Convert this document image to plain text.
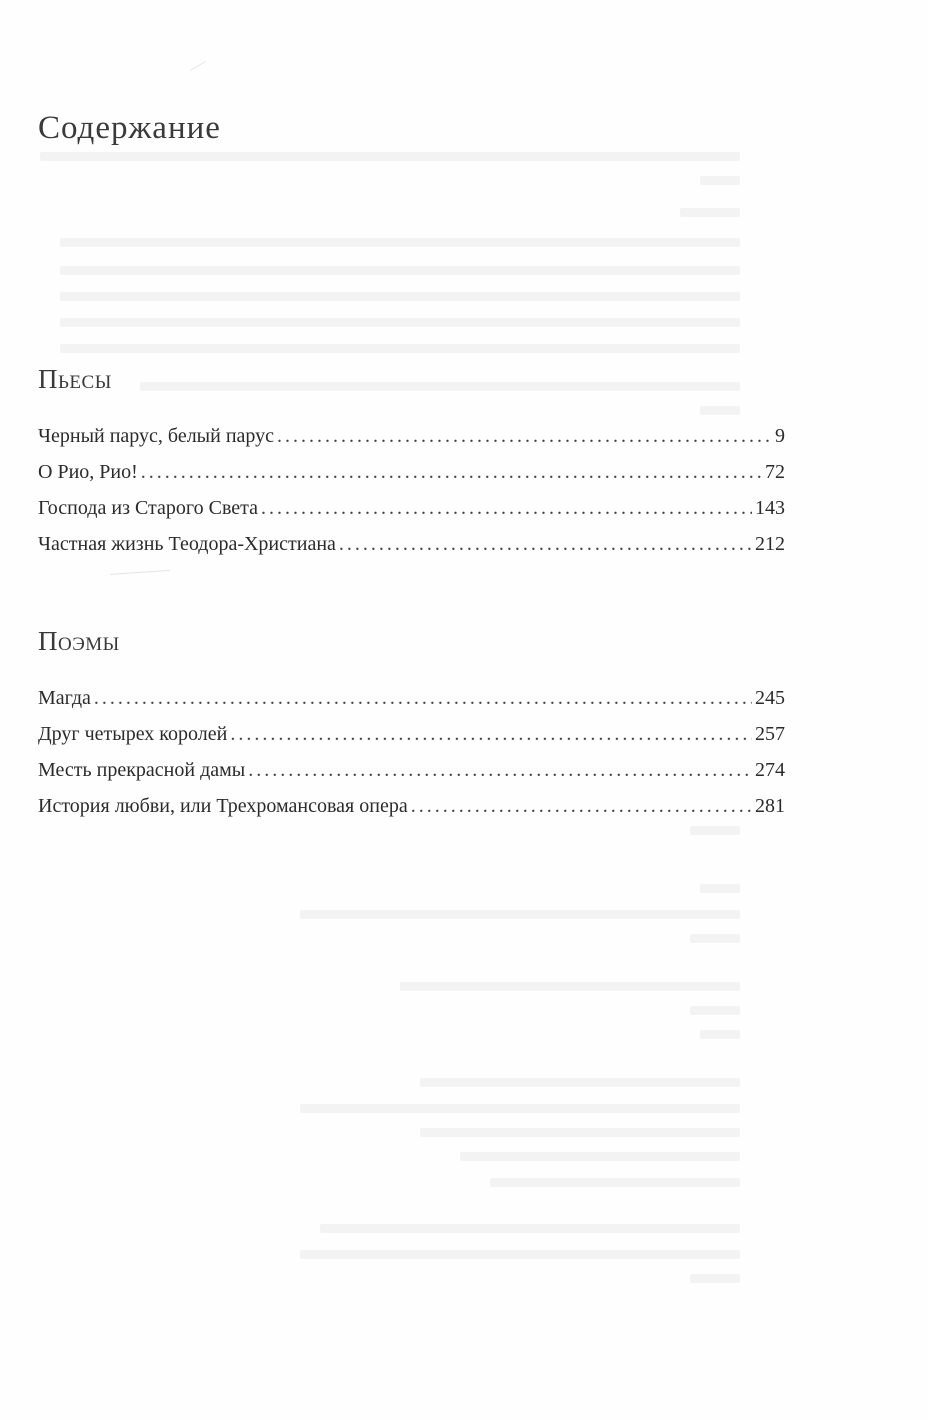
Содержание
Пьесы
Черный парус, белый парус .....	9
О Рио, Рио! .....	72
Господа из Старого Света .....	143
Частная жизнь Теодора-Христиана .....	212
Поэмы
Магда .....	245
Друг четырех королей .....	257
Месть прекрасной дамы .....	274
История любви, или Трехромансовая опера .....	281
